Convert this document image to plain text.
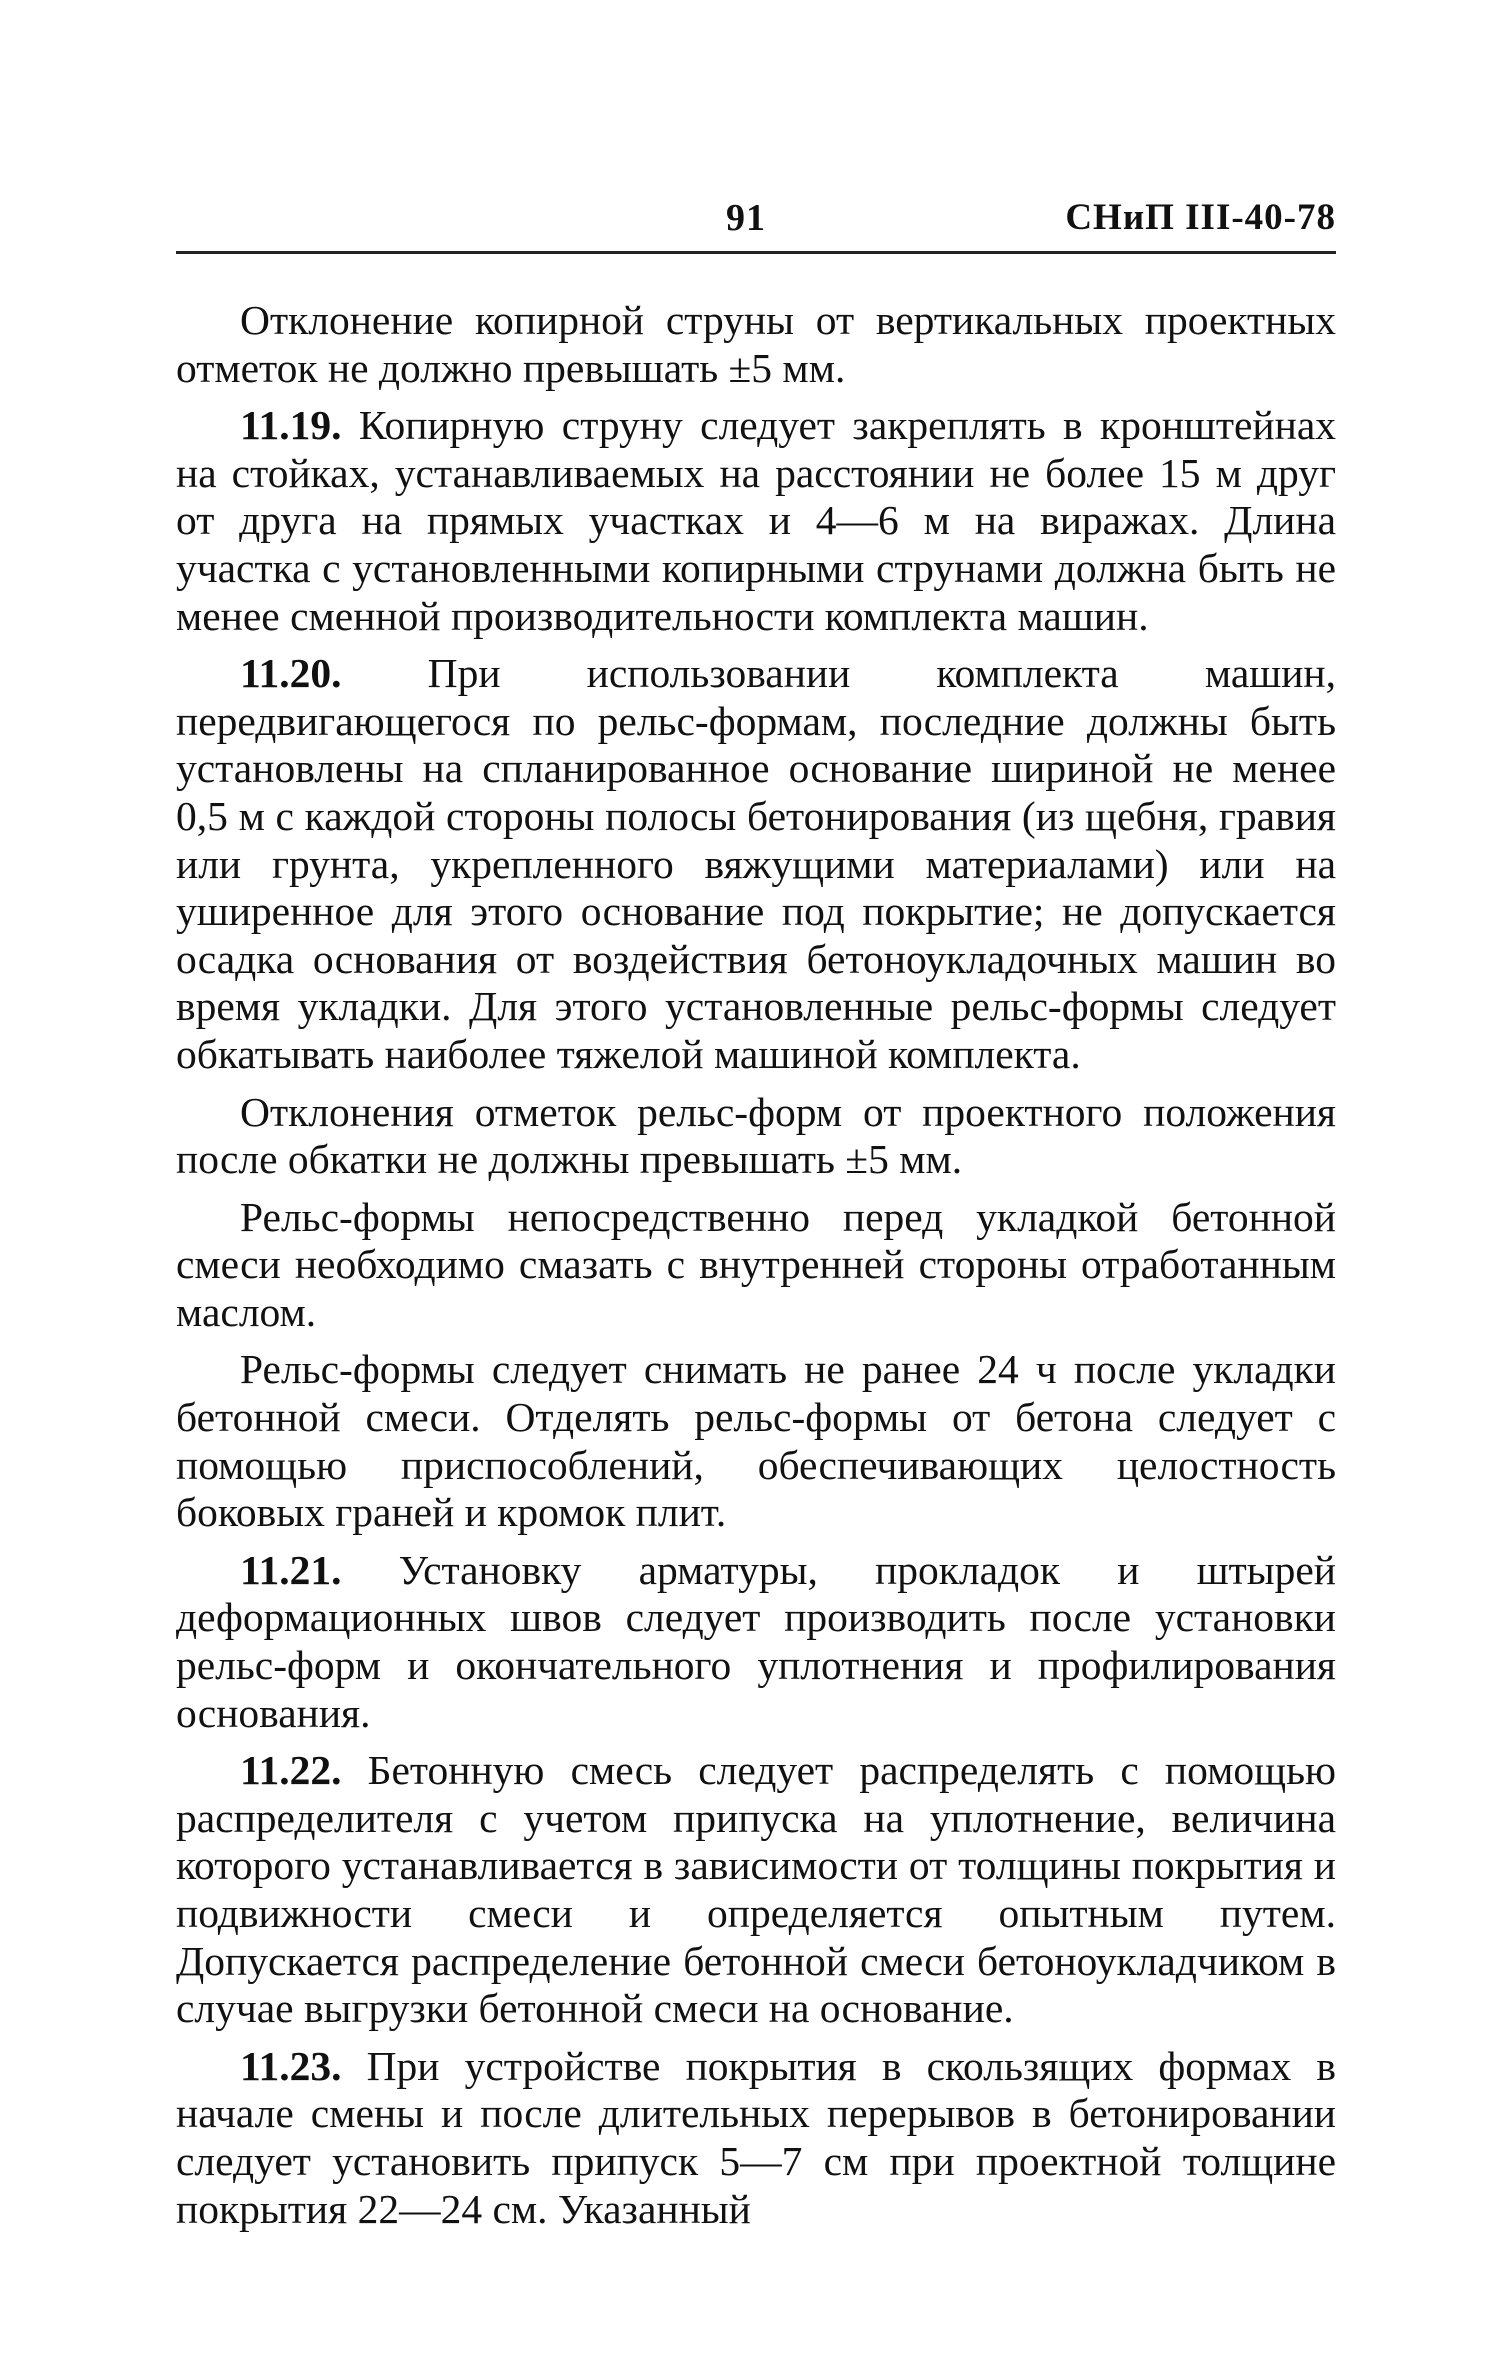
91	СНиП III-40-78

Отклонение копирной струны от вертикальных проектных отметок не должно превышать ±5 мм.

11.19. Копирную струну следует закреплять в кронштейнах на стойках, устанавливаемых на расстоянии не более 15 м друг от друга на прямых участках и 4—6 м на виражах. Длина участка с установленными копирными струнами должна быть не менее сменной производительности комплекта машин.

11.20. При использовании комплекта машин, передвигающегося по рельс-формам, последние должны быть установлены на спланированное основание шириной не менее 0,5 м с каждой стороны полосы бетонирования (из щебня, гравия или грунта, укрепленного вяжущими материалами) или на уширенное для этого основание под покрытие; не допускается осадка основания от воздействия бетоноукладочных машин во время укладки. Для этого установленные рельс-формы следует обкатывать наиболее тяжелой машиной комплекта.

Отклонения отметок рельс-форм от проектного положения после обкатки не должны превышать ±5 мм.

Рельс-формы непосредственно перед укладкой бетонной смеси необходимо смазать с внутренней стороны отработанным маслом.

Рельс-формы следует снимать не ранее 24 ч после укладки бетонной смеси. Отделять рельс-формы от бетона следует с помощью приспособлений, обеспечивающих целостность боковых граней и кромок плит.

11.21. Установку арматуры, прокладок и штырей деформационных швов следует производить после установки рельс-форм и окончательного уплотнения и профилирования основания.

11.22. Бетонную смесь следует распределять с помощью распределителя с учетом припуска на уплотнение, величина которого устанавливается в зависимости от толщины покрытия и подвижности смеси и определяется опытным путем. Допускается распределение бетонной смеси бетоноукладчиком в случае выгрузки бетонной смеси на основание.

11.23. При устройстве покрытия в скользящих формах в начале смены и после длительных перерывов в бетонировании следует установить припуск 5—7 см при проектной толщине покрытия 22—24 см. Указанный
